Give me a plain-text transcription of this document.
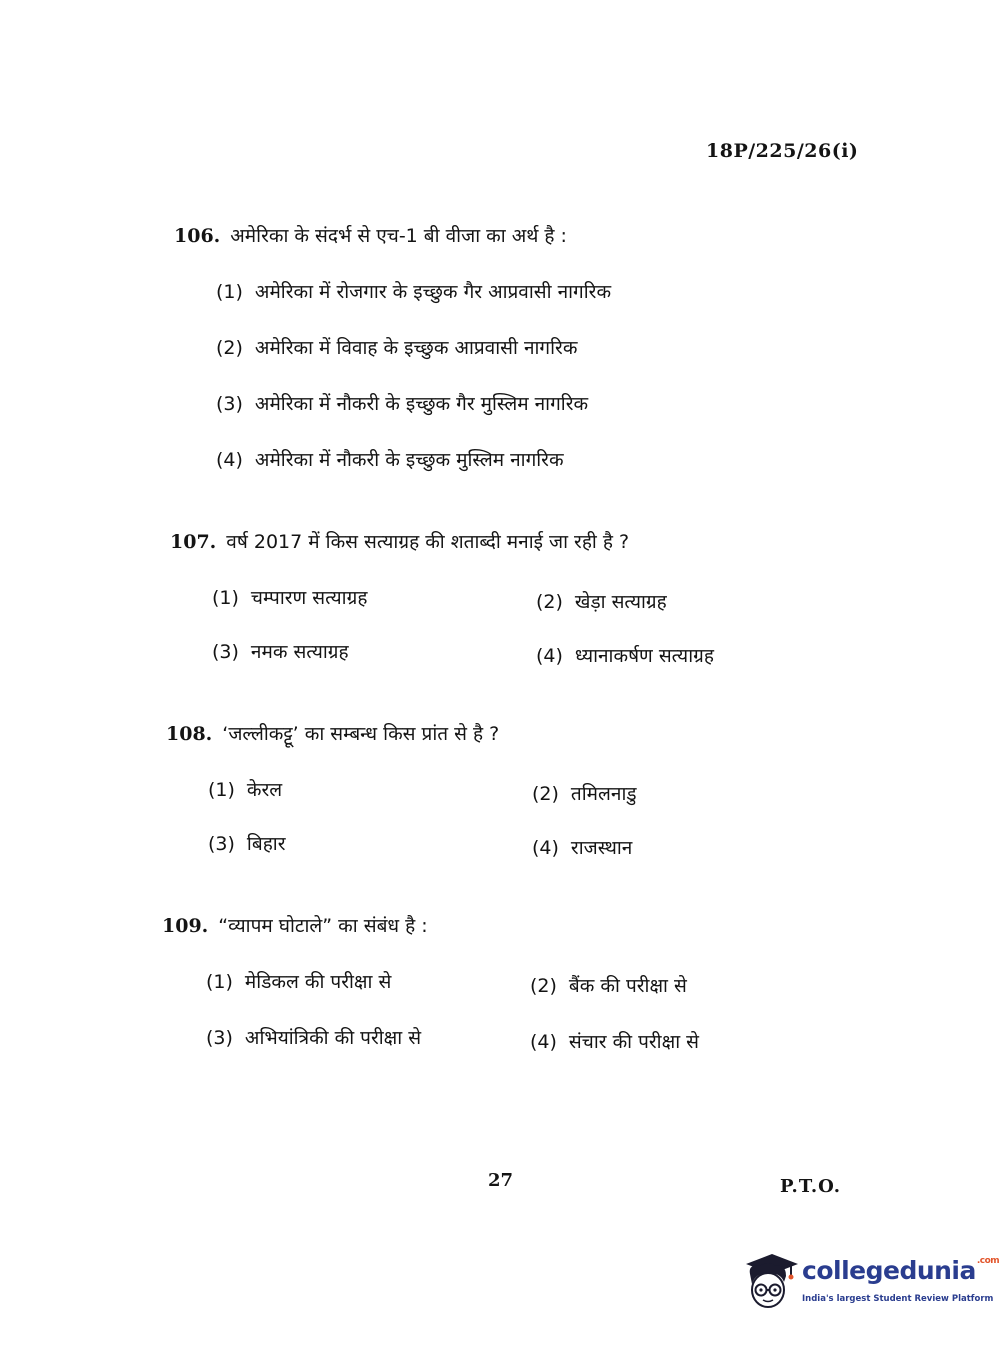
18P/225/26(i)
106. अमेरिका के संदर्भ से एच-1 बी वीजा का अर्थ है :
(1) अमेरिका में रोजगार के इच्छुक गैर आप्रवासी नागरिक
(2) अमेरिका में विवाह के इच्छुक आप्रवासी नागरिक
(3) अमेरिका में नौकरी के इच्छुक गैर मुस्लिम नागरिक
(4) अमेरिका में नौकरी के इच्छुक मुस्लिम नागरिक
107. वर्ष 2017 में किस सत्याग्रह की शताब्दी मनाई जा रही है ?
(1) चम्पारण सत्याग्रह	(2) खेड़ा सत्याग्रह
(3) नमक सत्याग्रह	(4) ध्यानाकर्षण सत्याग्रह
108. ‘जल्लीकट्टू’ का सम्बन्ध किस प्रांत से है ?
(1) केरल	(2) तमिलनाडु
(3) बिहार	(4) राजस्थान
109. “व्यापम घोटाले” का संबंध है :
(1) मेडिकल की परीक्षा से	(2) बैंक की परीक्षा से
(3) अभियांत्रिकी की परीक्षा से	(4) संचार की परीक्षा से
27	P.T.O.
collegedunia$^{.com}$
India's largest Student Review Platform
